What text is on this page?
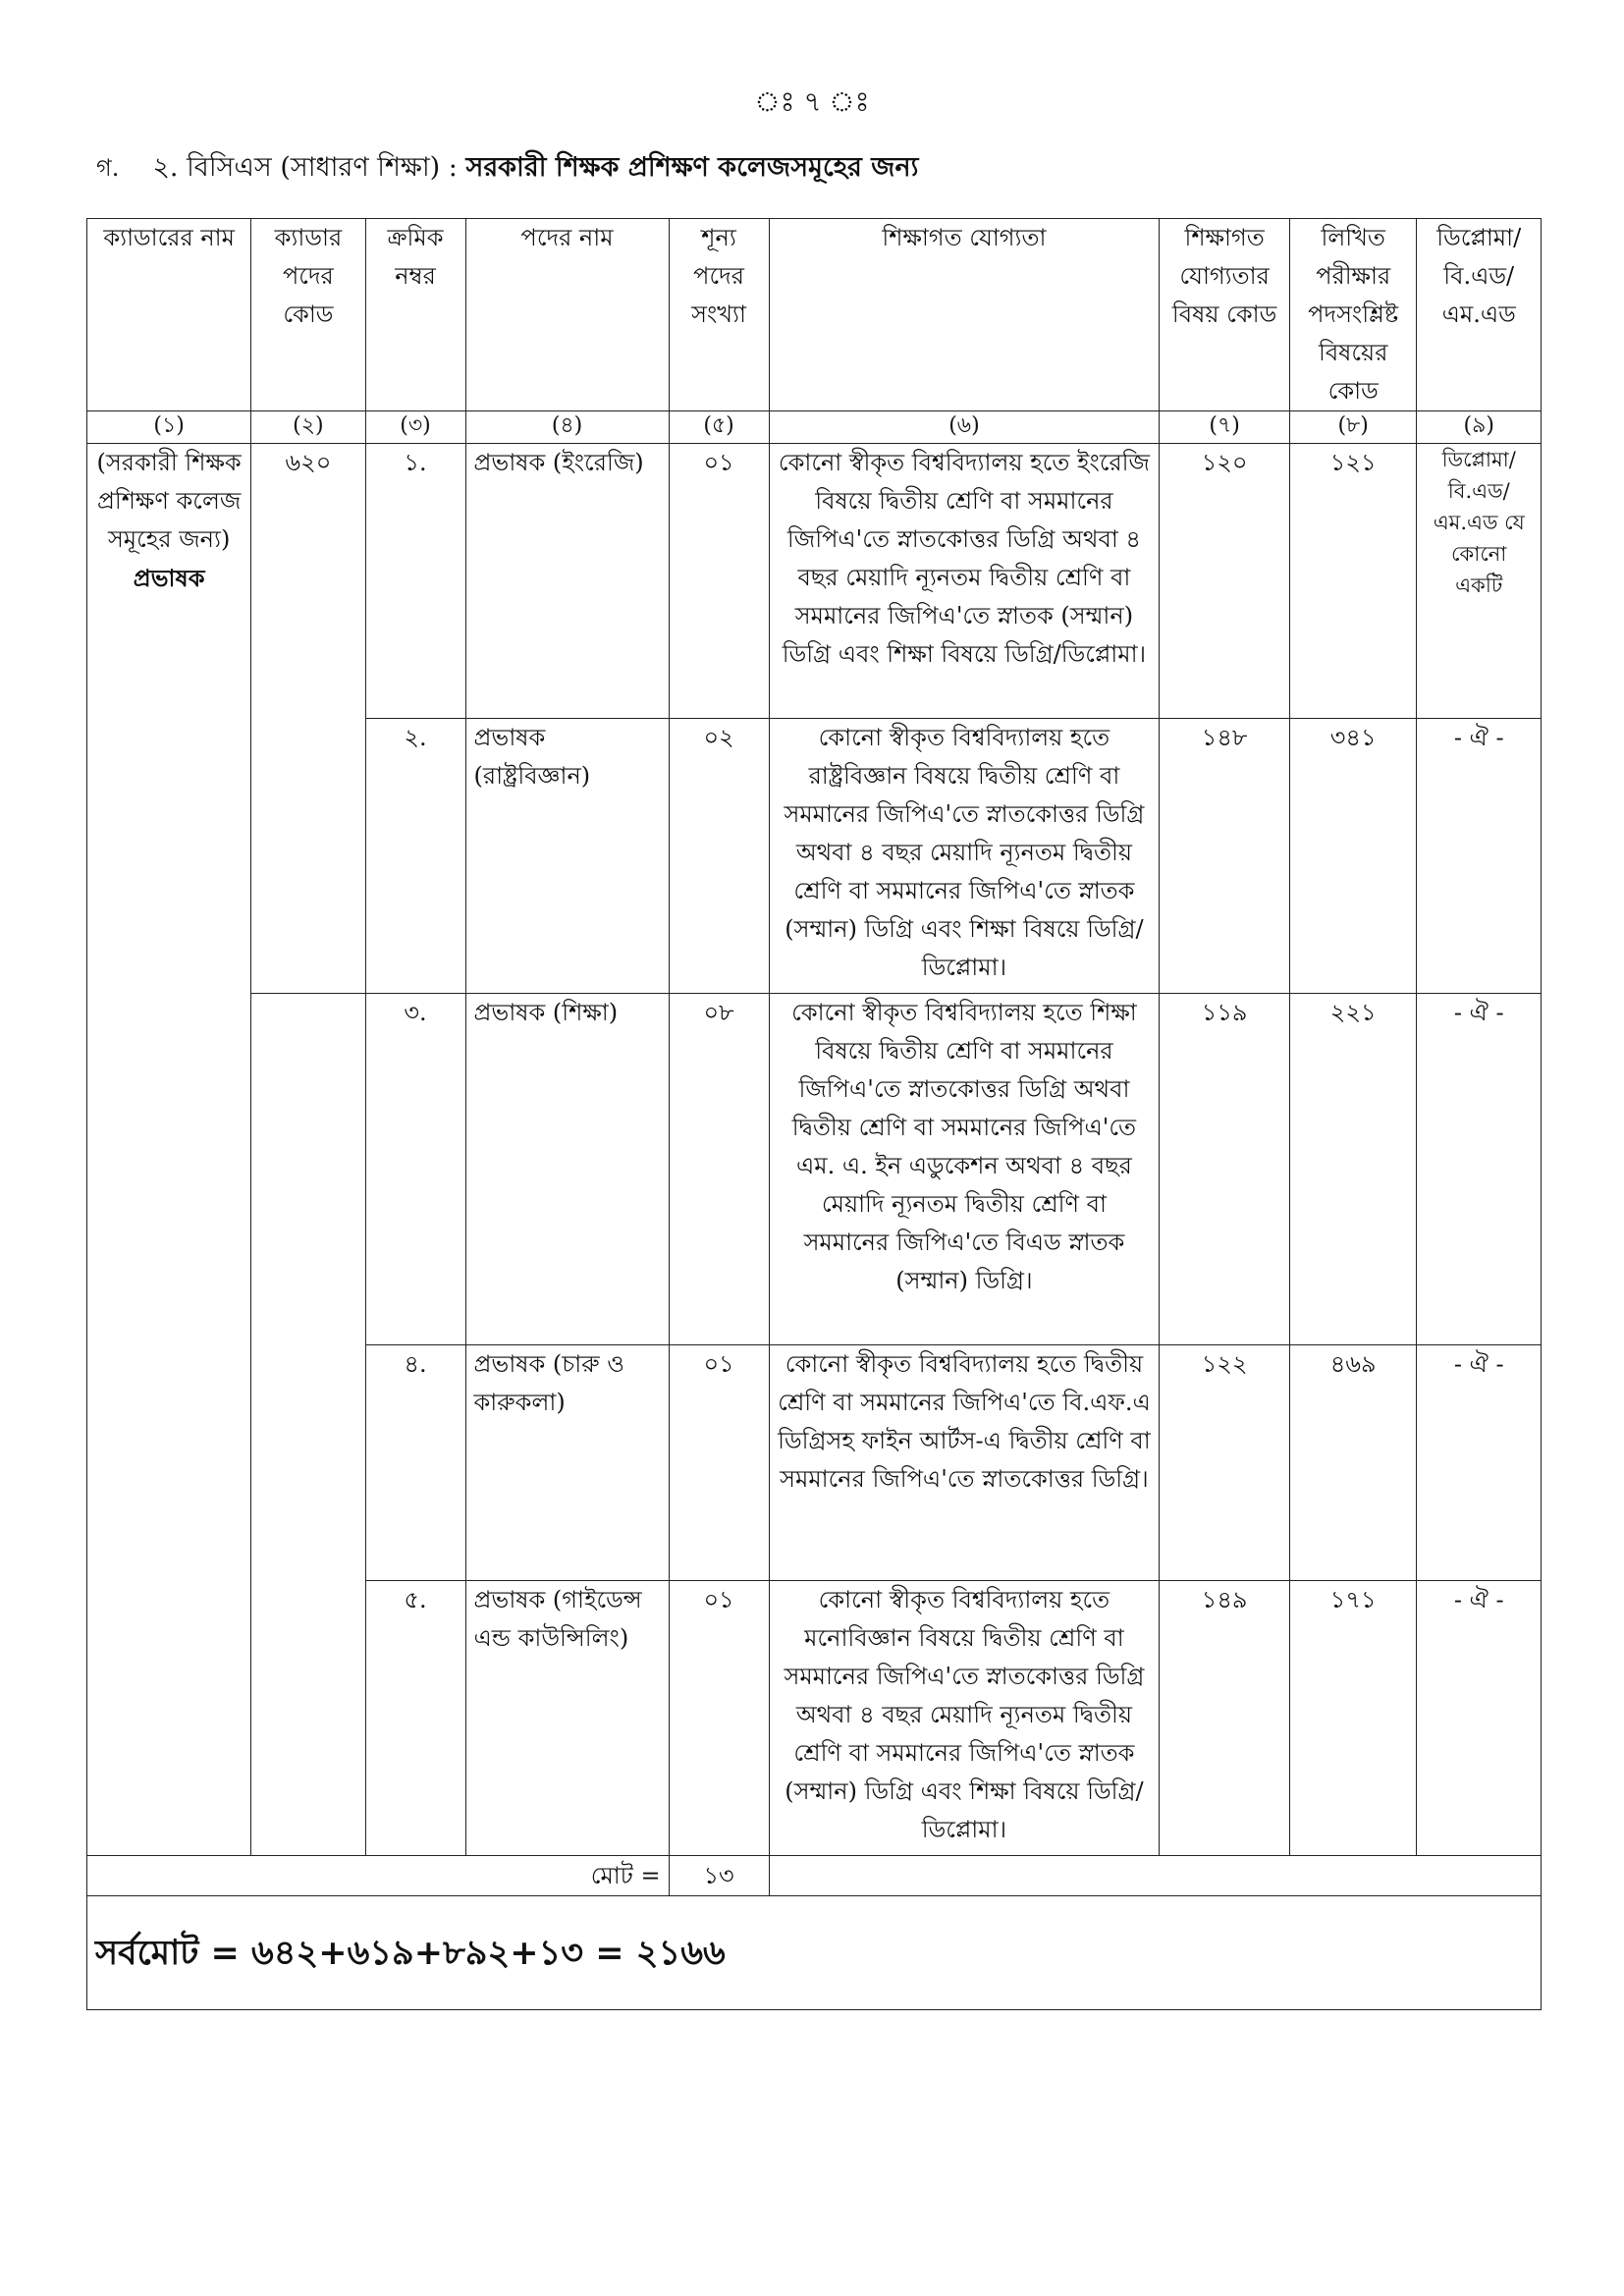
ঃ ৭ ঃ
গ. ২. বিসিএস (সাধারণ শিক্ষা) : সরকারী শিক্ষক প্রশিক্ষণ কলেজসমূহের জন্য
ক্যাডারের নাম	ক্যাডার পদের কোড	ক্রমিক নম্বর	পদের নাম	শূন্য পদের সংখ্যা	শিক্ষাগত যোগ্যতা	শিক্ষাগত যোগ্যতার বিষয় কোড	লিখিত পরীক্ষার পদসংশ্লিষ্ট বিষয়ের কোড	ডিপ্লোমা/ বি.এড/ এম.এড
(১)	(২)	(৩)	(৪)	(৫)	(৬)	(৭)	(৮)	(৯)
(সরকারী শিক্ষক প্রশিক্ষণ কলেজ সমূহের জন্য)
প্রভাষক	৬২০	১.	প্রভাষক (ইংরেজি)	০১	কোনো স্বীকৃত বিশ্ববিদ্যালয় হতে ইংরেজি বিষয়ে দ্বিতীয় শ্রেণি বা সমমানের জিপিএ'তে স্নাতকোত্তর ডিগ্রি অথবা ৪ বছর মেয়াদি ন্যূনতম দ্বিতীয় শ্রেণি বা সমমানের জিপিএ'তে স্নাতক (সম্মান) ডিগ্রি এবং শিক্ষা বিষয়ে ডিগ্রি/ডিপ্লোমা।	১২০	১২১	ডিপ্লোমা/ বি.এড/ এম.এড যে কোনো একটি
		২.	প্রভাষক (রাষ্ট্রবিজ্ঞান)	০২	কোনো স্বীকৃত বিশ্ববিদ্যালয় হতে রাষ্ট্রবিজ্ঞান বিষয়ে দ্বিতীয় শ্রেণি বা সমমানের জিপিএ'তে স্নাতকোত্তর ডিগ্রি অথবা ৪ বছর মেয়াদি ন্যূনতম দ্বিতীয় শ্রেণি বা সমমানের জিপিএ'তে স্নাতক (সম্মান) ডিগ্রি এবং শিক্ষা বিষয়ে ডিগ্রি/ডিপ্লোমা।	১৪৮	৩৪১	- ঐ -
		৩.	প্রভাষক (শিক্ষা)	০৮	কোনো স্বীকৃত বিশ্ববিদ্যালয় হতে শিক্ষা বিষয়ে দ্বিতীয় শ্রেণি বা সমমানের জিপিএ'তে স্নাতকোত্তর ডিগ্রি অথবা দ্বিতীয় শ্রেণি বা সমমানের জিপিএ'তে এম. এ. ইন এডুকেশন অথবা ৪ বছর মেয়াদি ন্যূনতম দ্বিতীয় শ্রেণি বা সমমানের জিপিএ'তে বিএড স্নাতক (সম্মান) ডিগ্রি।	১১৯	২২১	- ঐ -
		৪.	প্রভাষক (চারু ও কারুকলা)	০১	কোনো স্বীকৃত বিশ্ববিদ্যালয় হতে দ্বিতীয় শ্রেণি বা সমমানের জিপিএ'তে বি.এফ.এ ডিগ্রিসহ ফাইন আর্টস-এ দ্বিতীয় শ্রেণি বা সমমানের জিপিএ'তে স্নাতকোত্তর ডিগ্রি।	১২২	৪৬৯	- ঐ -
		৫.	প্রভাষক (গাইডেন্স এন্ড কাউন্সিলিং)	০১	কোনো স্বীকৃত বিশ্ববিদ্যালয় হতে মনোবিজ্ঞান বিষয়ে দ্বিতীয় শ্রেণি বা সমমানের জিপিএ'তে স্নাতকোত্তর ডিগ্রি অথবা ৪ বছর মেয়াদি ন্যূনতম দ্বিতীয় শ্রেণি বা সমমানের জিপিএ'তে স্নাতক (সম্মান) ডিগ্রি এবং শিক্ষা বিষয়ে ডিগ্রি/ডিপ্লোমা।	১৪৯	১৭১	- ঐ -
মোট =				১৩				
সর্বমোট = ৬৪২+৬১৯+৮৯২+১৩ = ২১৬৬								
